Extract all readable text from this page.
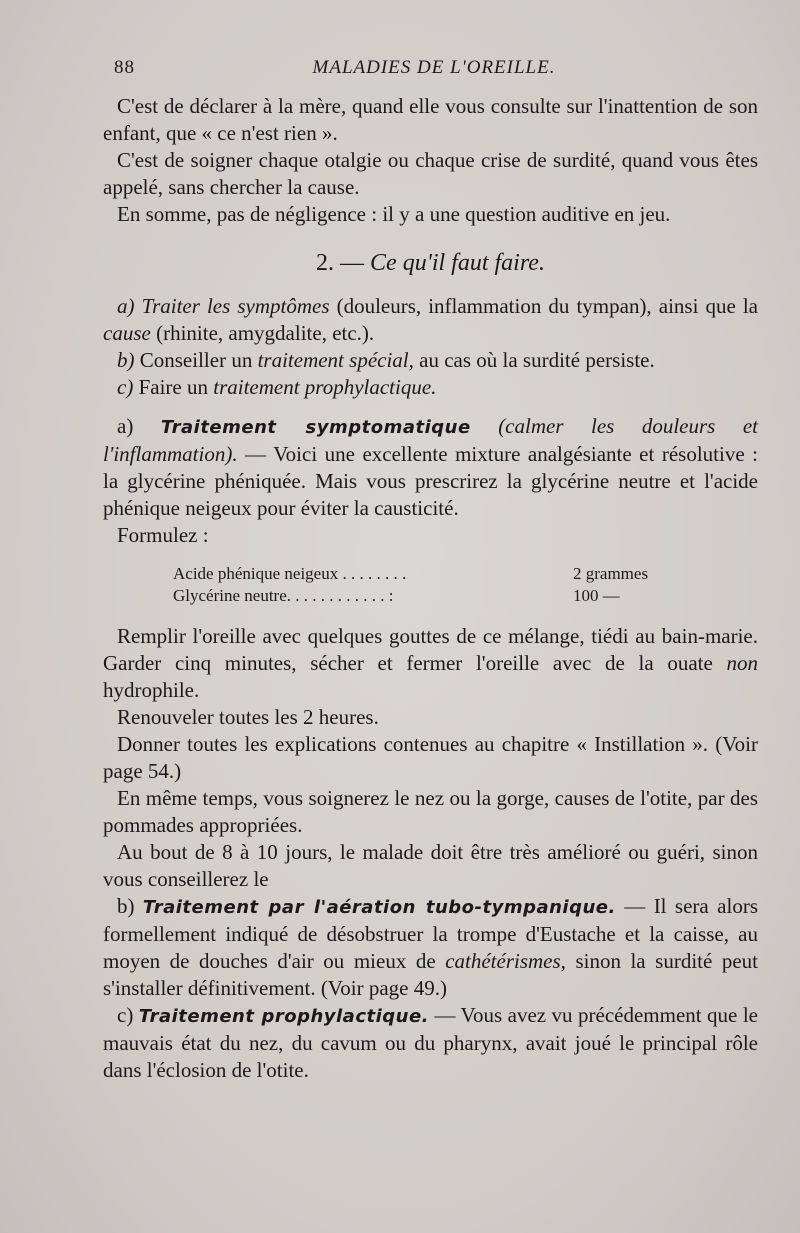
88	MALADIES DE L'OREILLE.

C'est de déclarer à la mère, quand elle vous consulte sur l'inattention de son enfant, que « ce n'est rien ».

C'est de soigner chaque otalgie ou chaque crise de surdité, quand vous êtes appelé, sans chercher la cause.

En somme, pas de négligence : il y a une question auditive en jeu.

2. — Ce qu'il faut faire.

a) Traiter les symptômes (douleurs, inflammation du tympan), ainsi que la cause (rhinite, amygdalite, etc.).

b) Conseiller un traitement spécial, au cas où la surdité persiste.

c) Faire un traitement prophylactique.

a) Traitement symptomatique (calmer les douleurs et l'inflammation). — Voici une excellente mixture analgésiante et résolutive : la glycérine phéniquée. Mais vous prescrirez la glycérine neutre et l'acide phénique neigeux pour éviter la causticité.

Formulez :

Acide phénique neigeux . . . . . . . .	2 grammes
Glycérine neutre. . . . . . . . . . . . :	100 —

Remplir l'oreille avec quelques gouttes de ce mélange, tiédi au bain-marie. Garder cinq minutes, sécher et fermer l'oreille avec de la ouate non hydrophile.

Renouveler toutes les 2 heures.

Donner toutes les explications contenues au chapitre « Instillation ». (Voir page 54.)

En même temps, vous soignerez le nez ou la gorge, causes de l'otite, par des pommades appropriées.

Au bout de 8 à 10 jours, le malade doit être très amélioré ou guéri, sinon vous conseillerez le

b) Traitement par l'aération tubo-tympanique. — Il sera alors formellement indiqué de désobstruer la trompe d'Eustache et la caisse, au moyen de douches d'air ou mieux de cathétérismes, sinon la surdité peut s'installer définitivement. (Voir page 49.)

c) Traitement prophylactique. — Vous avez vu précédemment que le mauvais état du nez, du cavum ou du pharynx, avait joué le principal rôle dans l'éclosion de l'otite.
